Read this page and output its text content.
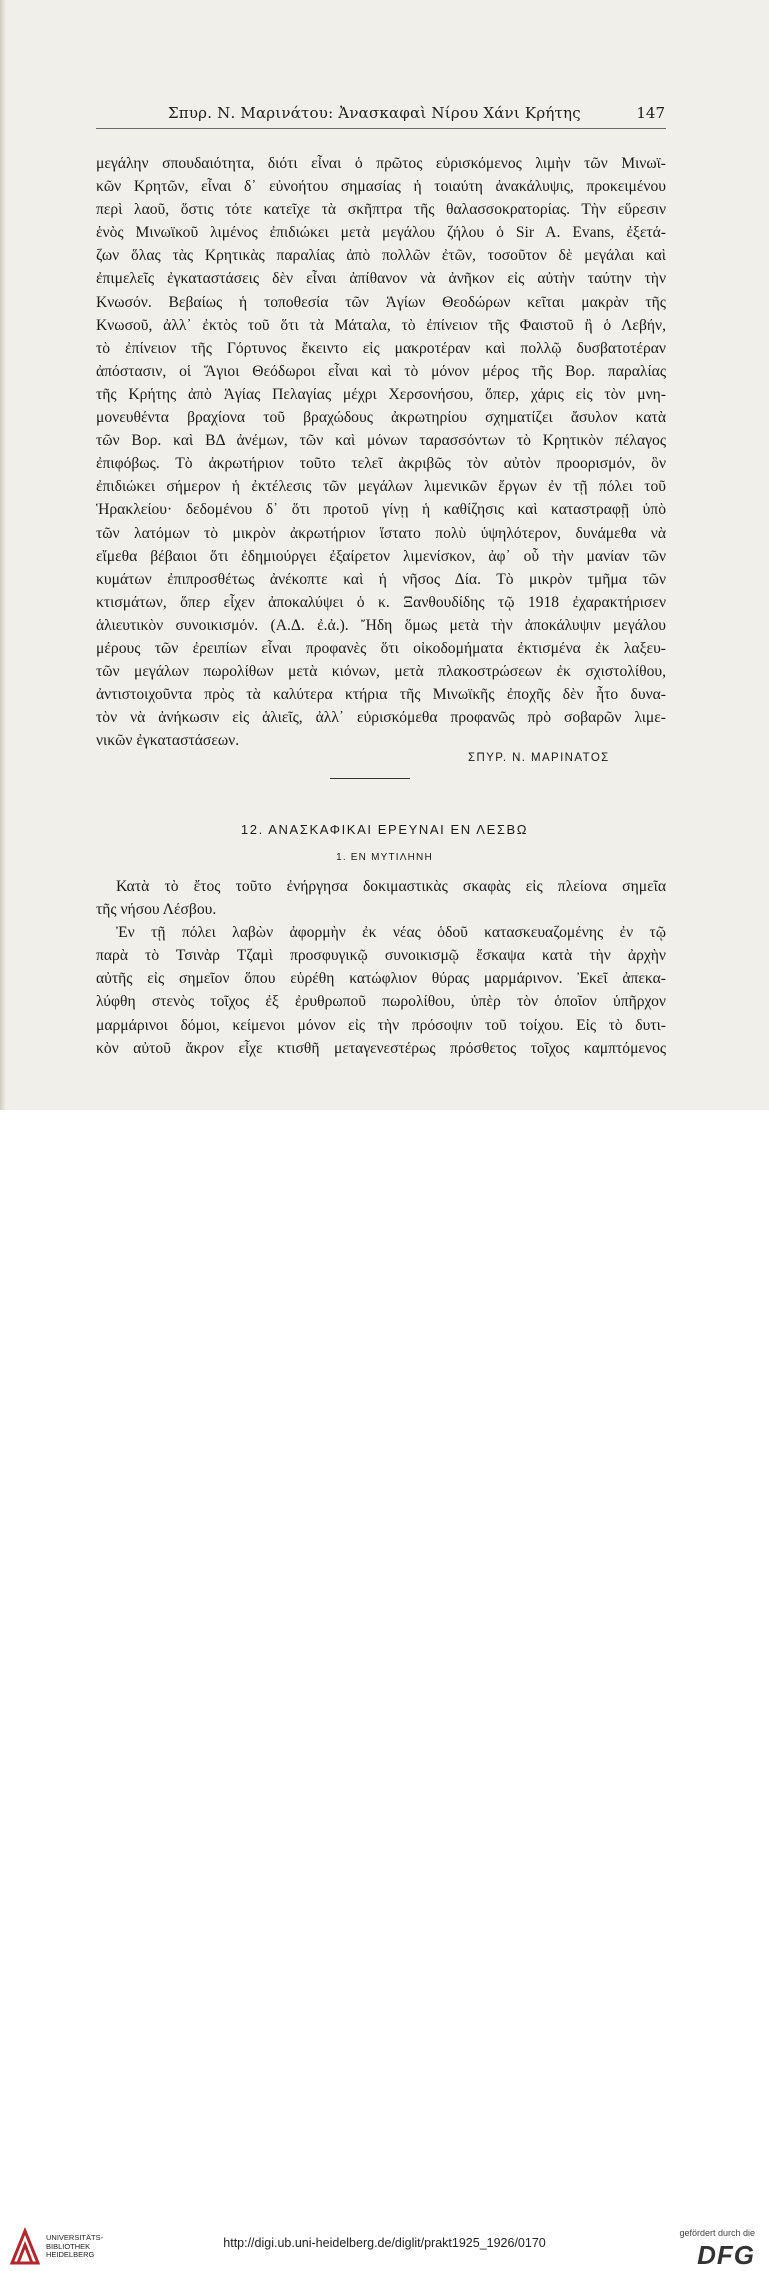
Σπυρ. Ν. Μαρινάτου: Ἀνασκαφαὶ Νίρου Χάνι Κρήτης	147
μεγάλην σπουδαιότητα, διότι εἶναι ὁ πρῶτος εὑρισκόμενος λιμὴν τῶν Μινωϊ-
κῶν Κρητῶν, εἶναι δ᾿ εὐνοήτου σημασίας ἡ τοιαύτη ἀνακάλυψις, προκειμένου
περὶ λαοῦ, ὅστις τότε κατεῖχε τὰ σκῆπτρα τῆς θαλασσοκρατορίας. Τὴν εὕρεσιν
ἑνὸς Μινωϊκοῦ λιμένος ἐπιδιώκει μετὰ μεγάλου ζήλου ὁ Sir A. Evans, ἐξετά-
ζων ὅλας τὰς Κρητικὰς παραλίας ἀπὸ πολλῶν ἐτῶν, τοσοῦτον δὲ μεγάλαι καὶ
ἐπιμελεῖς ἐγκαταστάσεις δὲν εἶναι ἀπίθανον νὰ ἀνῆκον εἰς αὐτὴν ταύτην τὴν
Κνωσόν. Βεβαίως ἡ τοποθεσία τῶν Ἁγίων Θεοδώρων κεῖται μακρὰν τῆς
Κνωσοῦ, ἀλλ᾿ ἐκτὸς τοῦ ὅτι τὰ Μάταλα, τὸ ἐπίνειον τῆς Φαιστοῦ ἢ ὁ Λεβήν,
τὸ ἐπίνειον τῆς Γόρτυνος ἔκειντο εἰς μακροτέραν καὶ πολλῷ δυσβατοτέραν
ἀπόστασιν, οἱ Ἅγιοι Θεόδωροι εἶναι καὶ τὸ μόνον μέρος τῆς Βορ. παραλίας
τῆς Κρήτης ἀπὸ Ἁγίας Πελαγίας μέχρι Χερσονήσου, ὅπερ, χάρις εἰς τὸν μνη-
μονευθέντα βραχίονα τοῦ βραχώδους ἀκρωτηρίου σχηματίζει ἄσυλον κατὰ
τῶν Βορ. καὶ ΒΔ ἀνέμων, τῶν καὶ μόνων ταρασσόντων τὸ Κρητικὸν πέλαγος
ἐπιφόβως. Τὸ ἀκρωτήριον τοῦτο τελεῖ ἀκριβῶς τὸν αὐτὸν προορισμόν, ὃν
ἐπιδιώκει σήμερον ἡ ἐκτέλεσις τῶν μεγάλων λιμενικῶν ἔργων ἐν τῇ πόλει τοῦ
Ἡρακλείου· δεδομένου δ᾿ ὅτι προτοῦ γίνῃ ἡ καθίζησις καὶ καταστραφῇ ὑπὸ
τῶν λατόμων τὸ μικρὸν ἀκρωτήριον ἵστατο πολὺ ὑψηλότερον, δυνάμεθα νὰ
εἴμεθα βέβαιοι ὅτι ἐδημιούργει ἐξαίρετον λιμενίσκον, ἀφ᾿ οὗ τὴν μανίαν τῶν
κυμάτων ἐπιπροσθέτως ἀνέκοπτε καὶ ἡ νῆσος Δία. Τὸ μικρὸν τμῆμα τῶν
κτισμάτων, ὅπερ εἶχεν ἀποκαλύψει ὁ κ. Ξανθουδίδης τῷ 1918 ἐχαρακτήρισεν
ἁλιευτικὸν συνοικισμόν. (Α.Δ. ἐ.ἀ.). Ἤδη ὅμως μετὰ τὴν ἀποκάλυψιν μεγάλου
μέρους τῶν ἐρειπίων εἶναι προφανὲς ὅτι οἰκοδομήματα ἐκτισμένα ἐκ λαξευ-
τῶν μεγάλων πωρολίθων μετὰ κιόνων, μετὰ πλακοστρώσεων ἐκ σχιστολίθου,
ἀντιστοιχοῦντα πρὸς τὰ καλύτερα κτήρια τῆς Μινωϊκῆς ἐποχῆς δὲν ἦτο δυνα-
τὸν νὰ ἀνήκωσιν εἰς ἁλιεῖς, ἀλλ᾿ εὑρισκόμεθα προφανῶς πρὸ σοβαρῶν λιμε-
νικῶν ἐγκαταστάσεων.
ΣΠΥΡ. Ν. ΜΑΡΙΝΑΤΟΣ
12. ΑΝΑΣΚΑΦΙΚΑΙ ΕΡΕΥΝΑΙ ΕΝ ΛΕΣΒΩ
1. ΕΝ ΜΥΤΙΛΗΝΗ
Κατὰ τὸ ἔτος τοῦτο ἐνήργησα δοκιμαστικὰς σκαφὰς εἰς πλείονα σημεῖα
τῆς νήσου Λέσβου.
Ἐν τῇ πόλει λαβὼν ἀφορμὴν ἐκ νέας ὁδοῦ κατασκευαζομένης ἐν τῷ
παρὰ τὸ Τσινὰρ Τζαμὶ προσφυγικῷ συνοικισμῷ ἔσκαψα κατὰ τὴν ἀρχὴν
αὐτῆς εἰς σημεῖον ὅπου εὑρέθη κατώφλιον θύρας μαρμάρινον. Ἐκεῖ ἀπεκα-
λύφθη στενὸς τοῖχος ἐξ ἐρυθρωποῦ πωρολίθου, ὑπὲρ τὸν ὁποῖον ὑπῆρχον
μαρμάρινοι δόμοι, κείμενοι μόνον εἰς τὴν πρόσοψιν τοῦ τοίχου. Εἰς τὸ δυτι-
κὸν αὐτοῦ ἄκρον εἶχε κτισθῆ μεταγενεστέρως πρόσθετος τοῖχος καμπτόμενος
UNIVERSITÄTS-
BIBLIOTHEK
HEIDELBERG
http://digi.ub.uni-heidelberg.de/diglit/prakt1925_1926/0170
gefördert durch die
DFG
